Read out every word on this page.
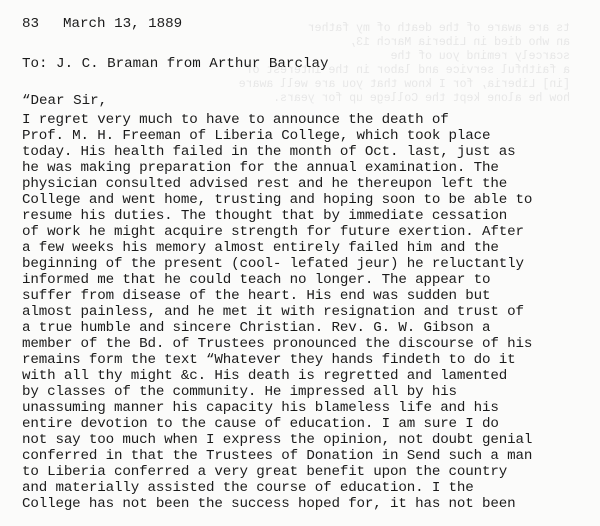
ts are aware of the death of my father
an who died in Liberia March 13,
scarcely remind you of the
a faithful service and labor in the interest of
[in] Liberia, for I know that you are well aware
how he alone kept the College up for years.
83 March 13, 1889
To: J. C. Braman from Arthur Barclay
“Dear Sir,
I regret very much to have to announce the death of
Prof. M. H. Freeman of Liberia College, which took place
today. His health failed in the month of Oct. last, just as
he was making preparation for the annual examination. The
physician consulted advised rest and he thereupon left the
College and went home, trusting and hoping soon to be able to
resume his duties. The thought that by immediate cessation
of work he might acquire strength for future exertion. After
a few weeks his memory almost entirely failed him and the
beginning of the present (cool- lefated jeur) he reluctantly
informed me that he could teach no longer. The appear to
suffer from disease of the heart. His end was sudden but
almost painless, and he met it with resignation and trust of
a true humble and sincere Christian. Rev. G. W. Gibson a
member of the Bd. of Trustees pronounced the discourse of his
remains form the text “Whatever they hands findeth to do it
with all thy might &c. His death is regretted and lamented
by classes of the community. He impressed all by his
unassuming manner his capacity his blameless life and his
entire devotion to the cause of education. I am sure I do
not say too much when I express the opinion, not doubt genial
conferred in that the Trustees of Donation in Send such a man
to Liberia conferred a very great benefit upon the country
and materially assisted the course of education. I the
College has not been the success hoped for, it has not been
